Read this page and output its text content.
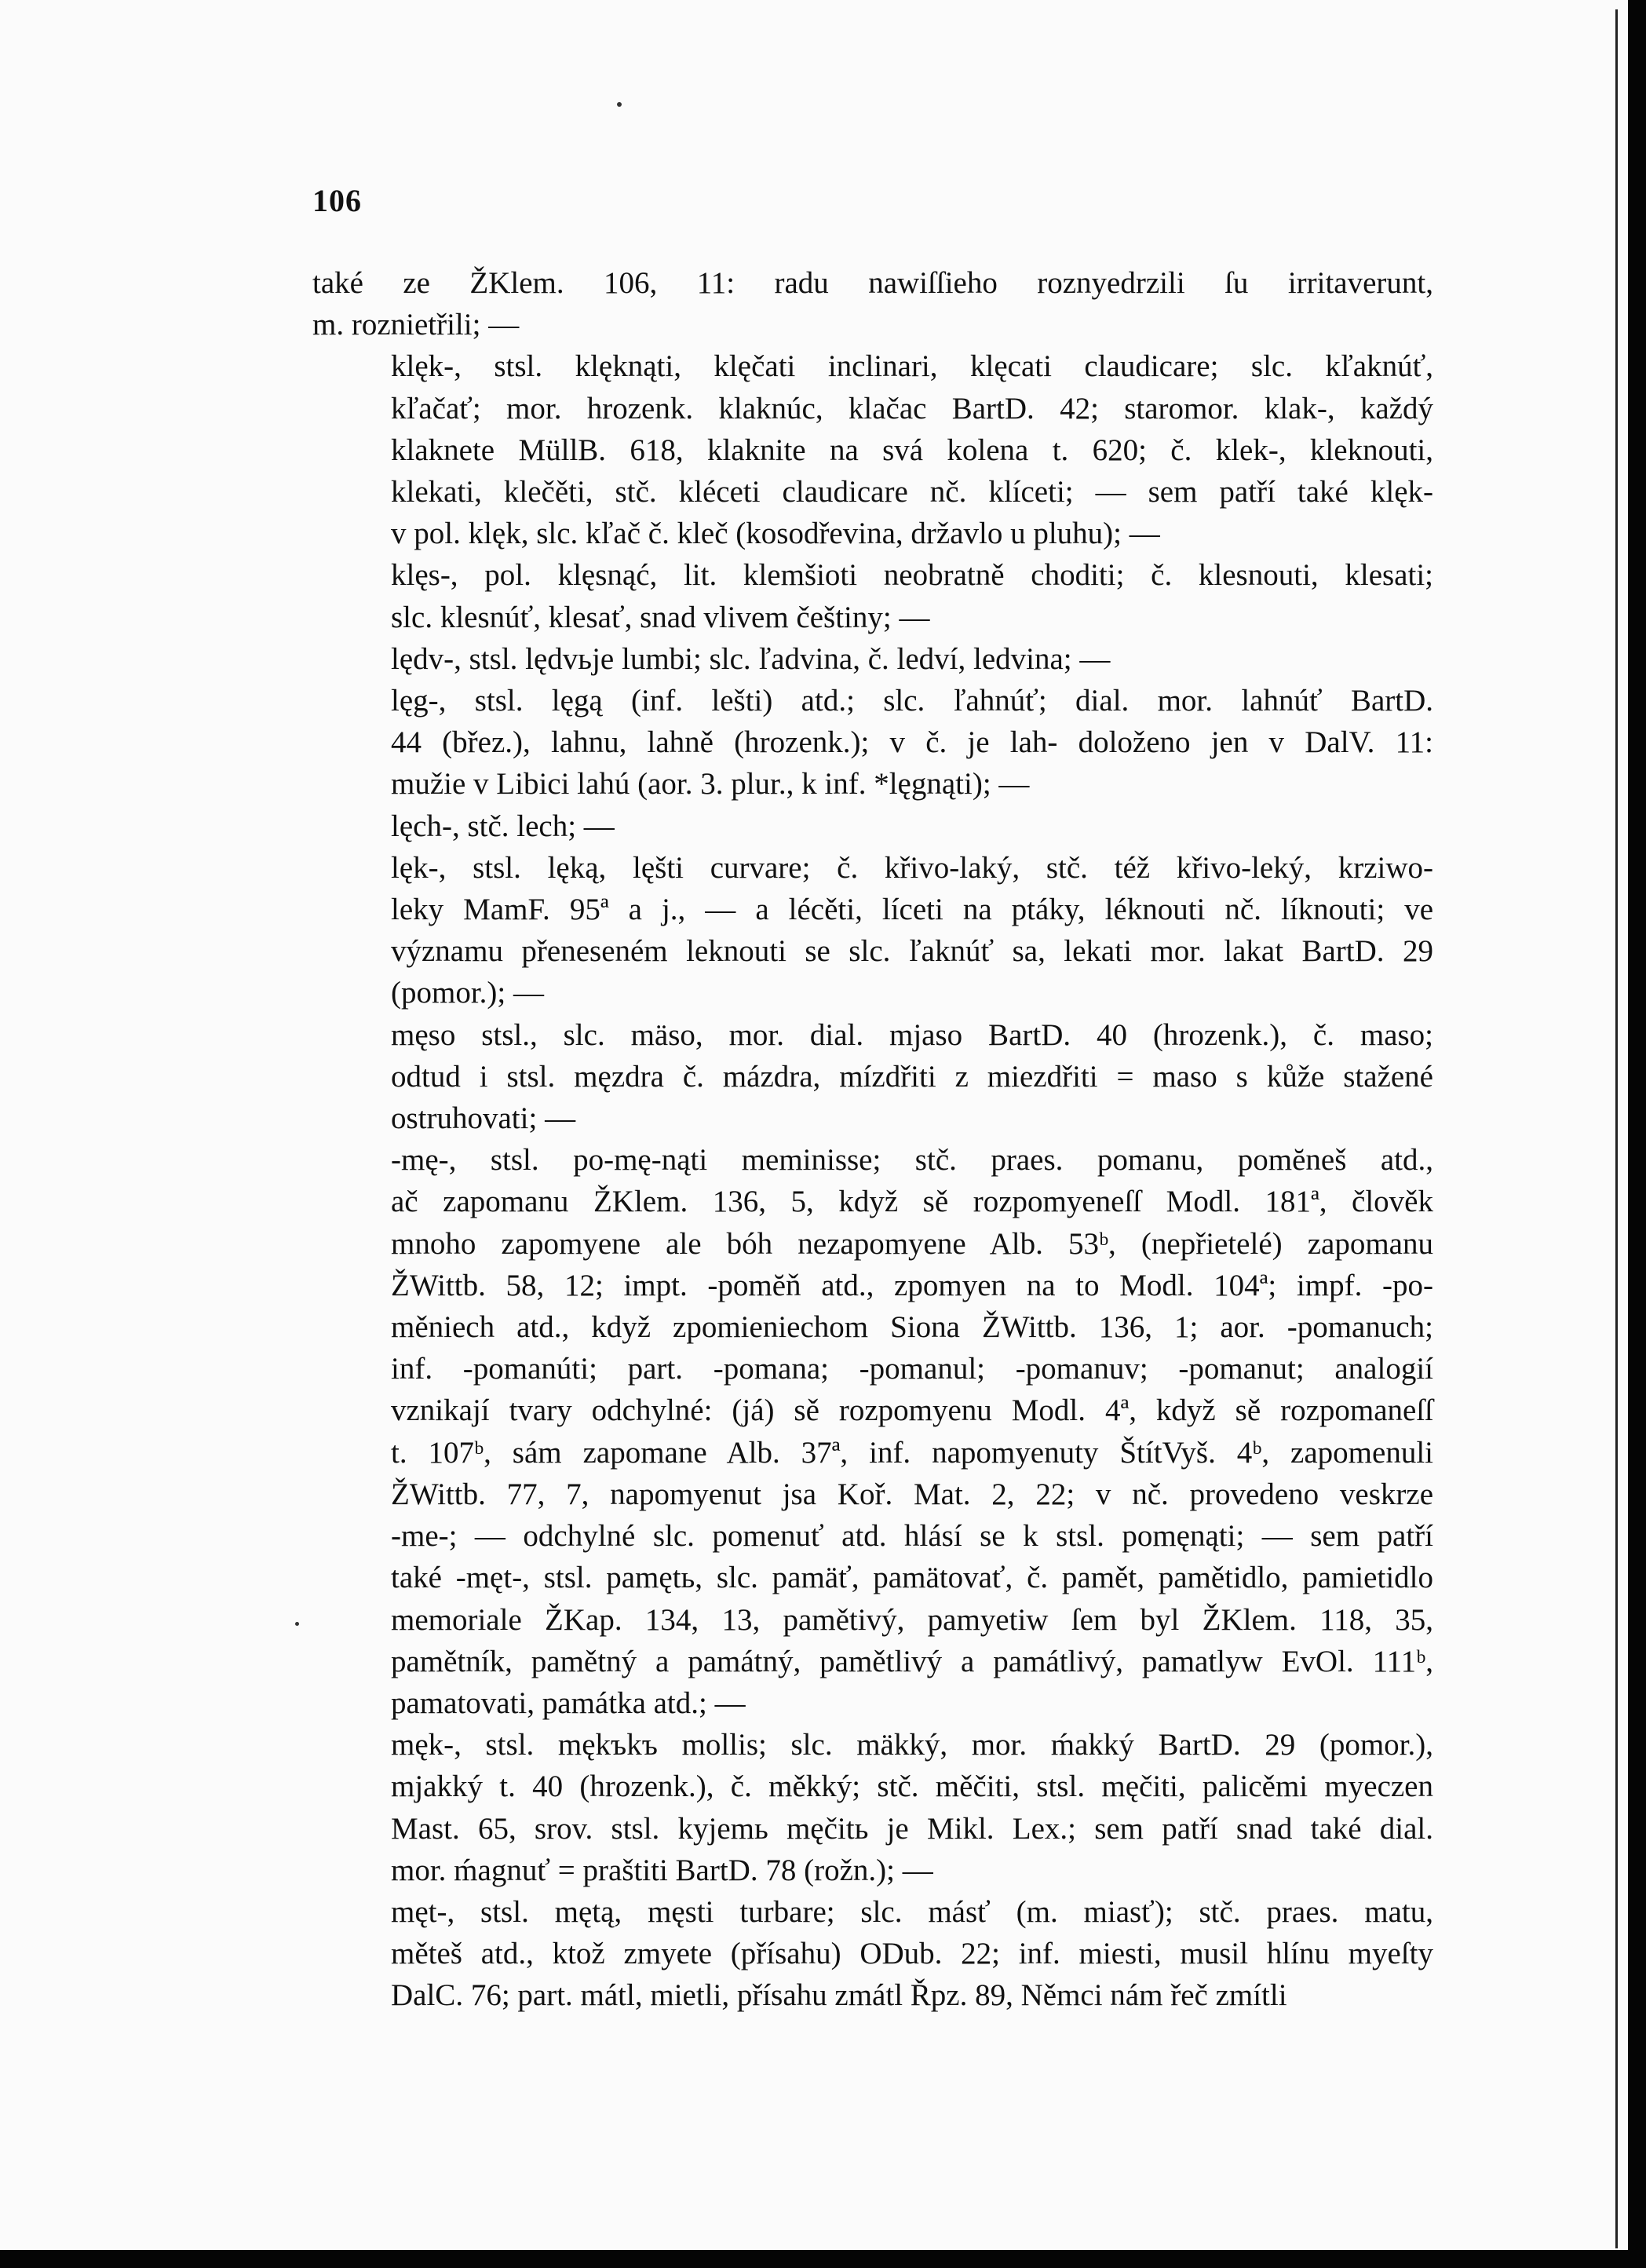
106

také ze ŽKlem. 106, 11: radu nawiſſieho roznyedrzili ſu irritaverunt,
m. roznietřili; —

klęk-, stsl. klęknąti, klęčati inclinari, klęcati claudicare; slc. kľaknúť,
kľačať; mor. hrozenk. klaknúc, klačac BartD. 42; staromor. klak-, každý
klaknete MüllB. 618, klaknite na svá kolena t. 620; č. klek-, kleknouti,
klekati, klečěti, stč. kléceti claudicare nč. klíceti; — sem patří také klęk-
v pol. klęk, slc. kľač č. kleč (kosodřevina, državlo u pluhu); —

klęs-, pol. klęsnąć, lit. klemšioti neobratně choditi; č. klesnouti, klesati;
slc. klesnúť, klesať, snad vlivem češtiny; —

lędv-, stsl. lędvьje lumbi; slc. ľadvina, č. ledví, ledvina; —

lęg-, stsl. lęgą (inf. lešti) atd.; slc. ľahnúť; dial. mor. lahnúť BartD.
44 (břez.), lahnu, lahně (hrozenk.); v č. je lah- doloženo jen v DalV. 11:
mužie v Libici lahú (aor. 3. plur., k inf. *lęgnąti); —

lęch-, stč. lech; —

lęk-, stsl. lęką, lęšti curvare; č. křivo-laký, stč. též křivo-leký, krziwo-
leky MamF. 95ª a j., — a lécěti, líceti na ptáky, léknouti nč. líknouti; ve
významu přeneseném leknouti se slc. ľaknúť sa, lekati mor. lakat BartD. 29
(pomor.); —

męso stsl., slc. mäso, mor. dial. mjaso BartD. 40 (hrozenk.), č. maso;
odtud i stsl. męzdra č. mázdra, mízdřiti z miezdřiti = maso s kůže stažené
ostruhovati; —

-mę-, stsl. po-mę-nąti meminisse; stč. praes. pomanu, pomĕneš atd.,
ač zapomanu ŽKlem. 136, 5, když sě rozpomyeneſſ Modl. 181ª, člověk
mnoho zapomyene ale bóh nezapomyene Alb. 53ᵇ, (nepřietelé) zapomanu
ŽWittb. 58, 12; impt. -pomĕň atd., zpomyen na to Modl. 104ª; impf. -po-
měniech atd., když zpomieniechom Siona ŽWittb. 136, 1; aor. -pomanuch;
inf. -pomanúti; part. -pomana; -pomanul; -pomanuv; -pomanut; analogií
vznikají tvary odchylné: (já) sě rozpomyenu Modl. 4ª, když sě rozpomaneſſ
t. 107ᵇ, sám zapomane Alb. 37ª, inf. napomyenuty ŠtítVyš. 4ᵇ, zapomenuli
ŽWittb. 77, 7, napomyenut jsa Koř. Mat. 2, 22; v nč. provedeno veskrze
-me-; — odchylné slc. pomenuť atd. hlásí se k stsl. pomęnąti; — sem patří
také -męt-, stsl. pamętь, slc. pamäť, pamätovať, č. pamět, pamětidlo, pamietidlo
memoriale ŽKap. 134, 13, pamětivý, pamyetiw ſem byl ŽKlem. 118, 35,
pamětník, pamětný a památný, pamětlivý a památlivý, pamatlyw EvOl. 111ᵇ,
pamatovati, památka atd.; —

męk-, stsl. mękъkъ mollis; slc. mäkký, mor. ḿakký BartD. 29 (pomor.),
mjakký t. 40 (hrozenk.), č. měkký; stč. měčiti, stsl. męčiti, palicěmi myeczen
Mast. 65, srov. stsl. kyjemь męčitь je Mikl. Lex.; sem patří snad také dial.
mor. ḿagnuť = praštiti BartD. 78 (rožn.); —

męt-, stsl. mętą, męsti turbare; slc. másť (m. miasť); stč. praes. matu,
měteš atd., ktož zmyete (přísahu) ODub. 22; inf. miesti, musil hlínu myeſty
DalC. 76; part. mátl, mietli, přísahu zmátl Řpz. 89, Němci nám řeč zmítli
